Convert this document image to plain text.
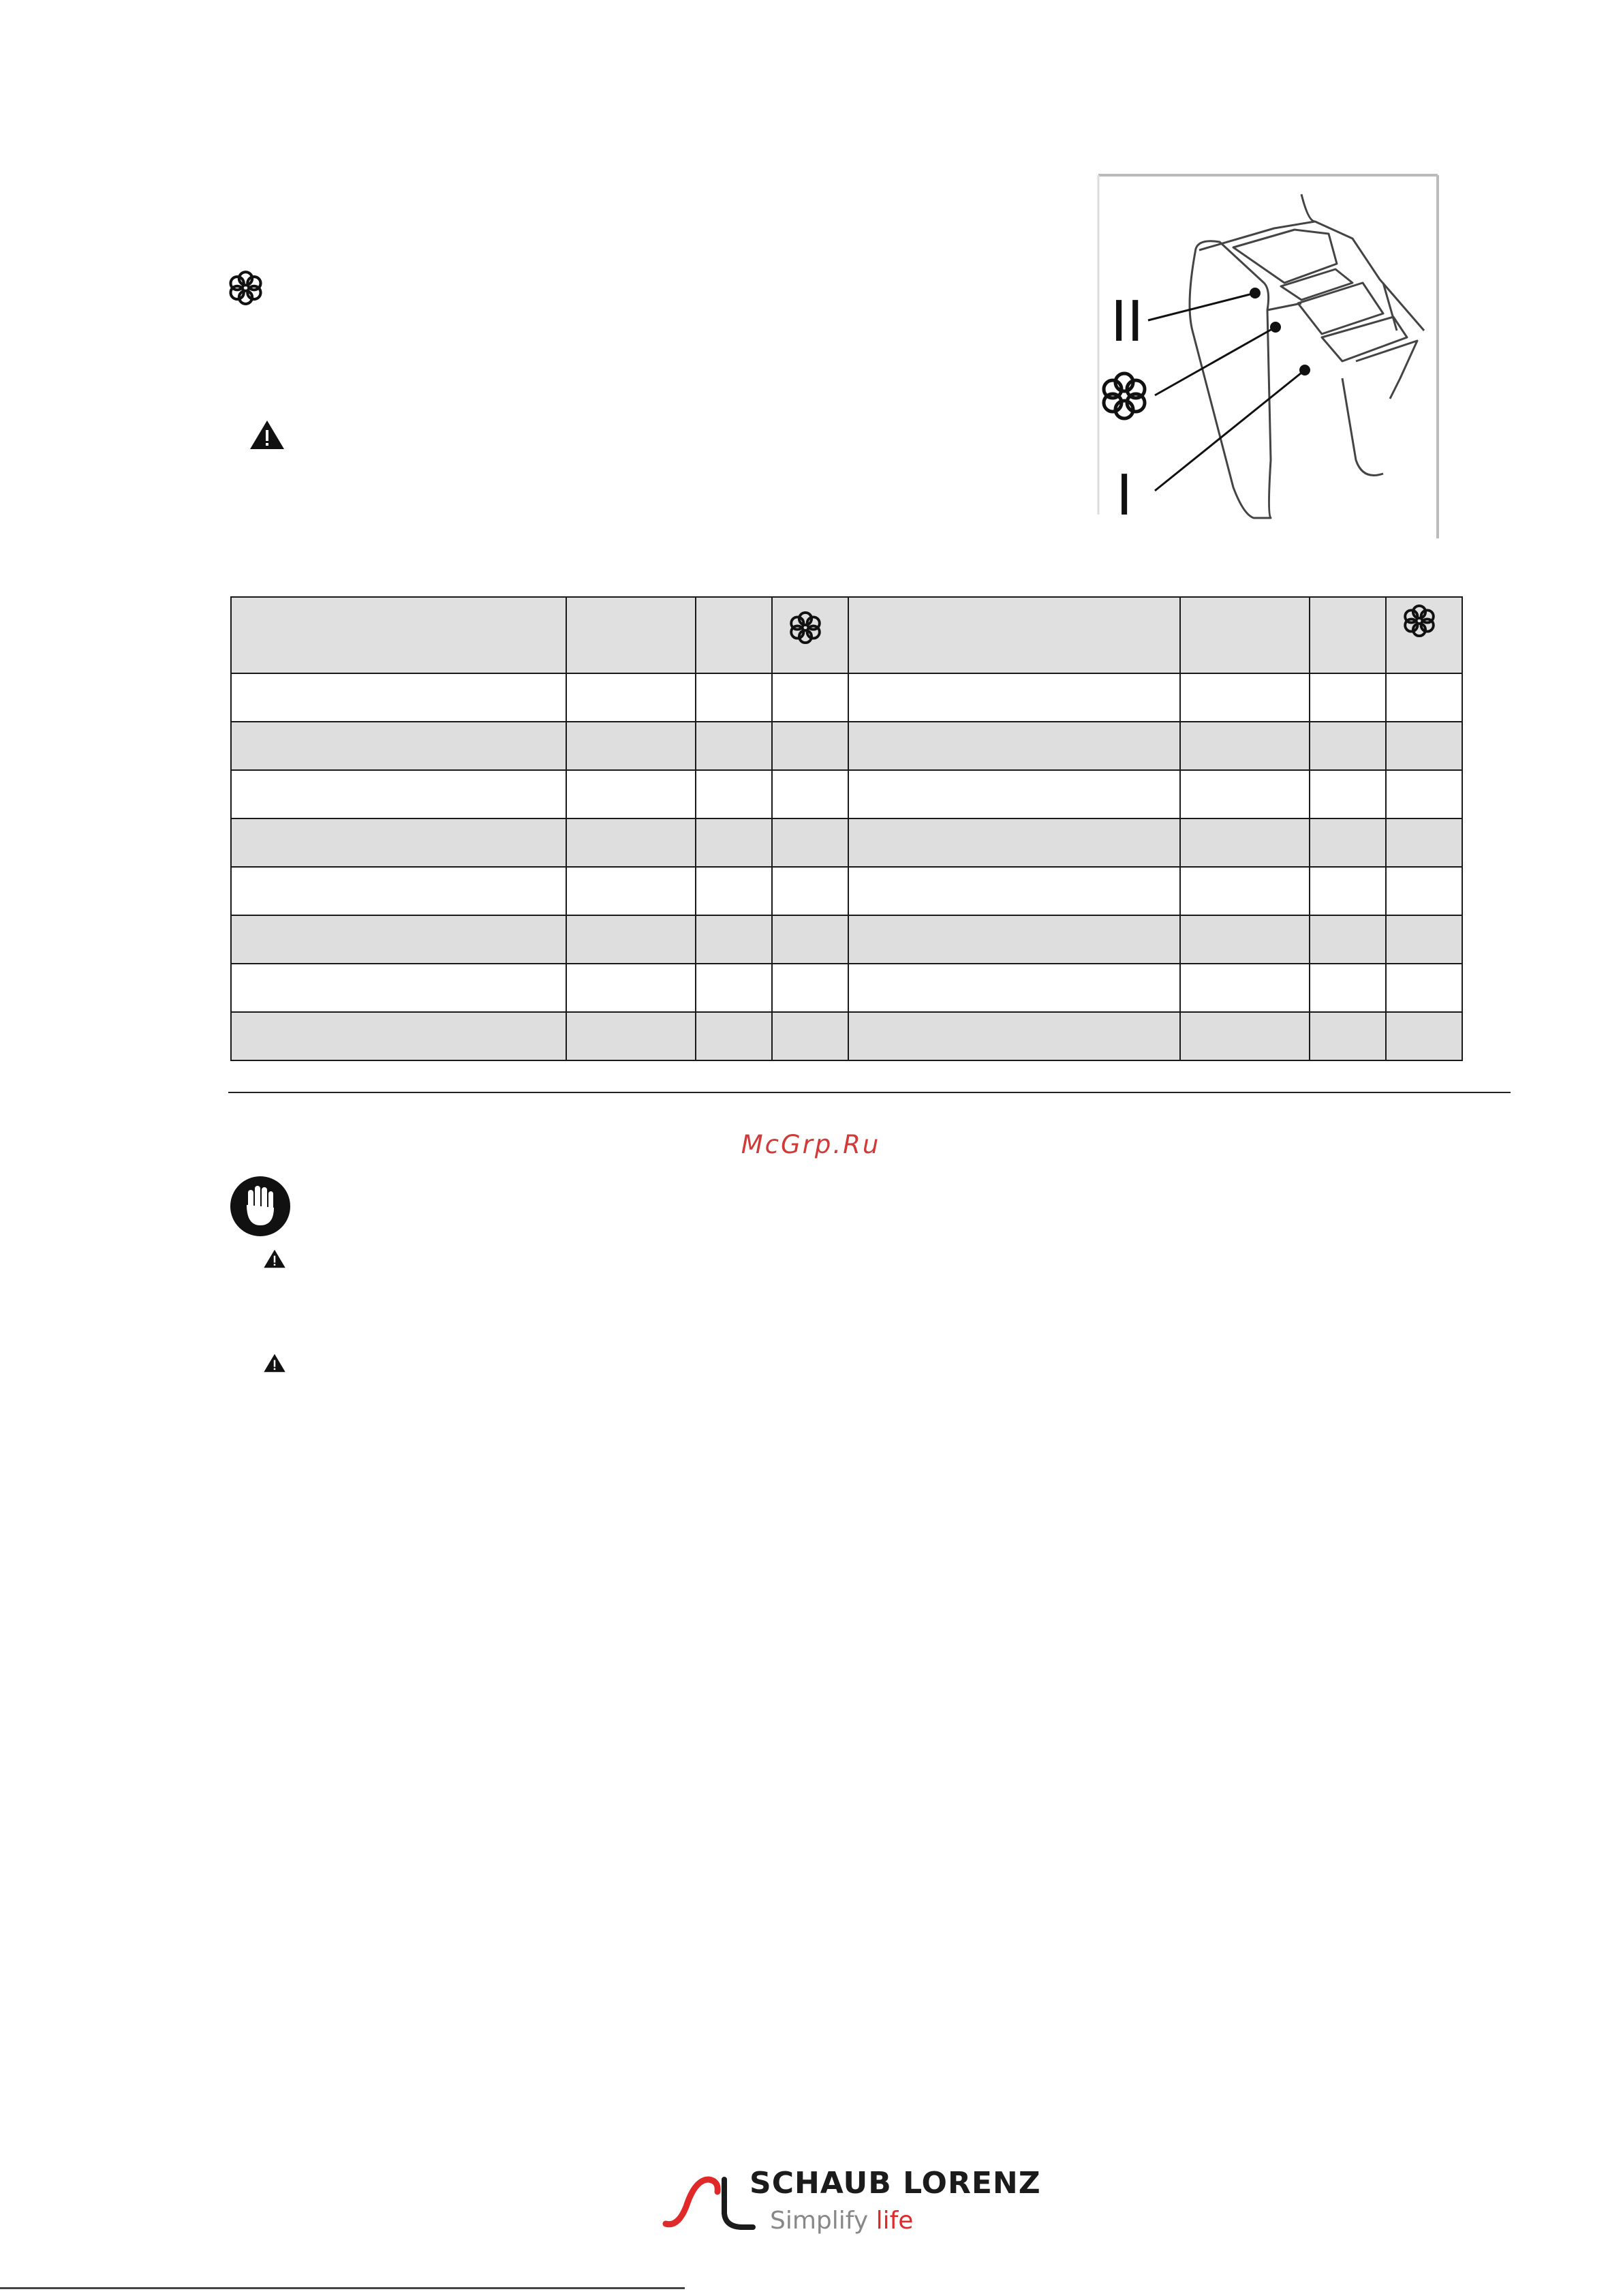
II
I

McGrp.Ru
SCHAUB LORENZ
Simplify life
